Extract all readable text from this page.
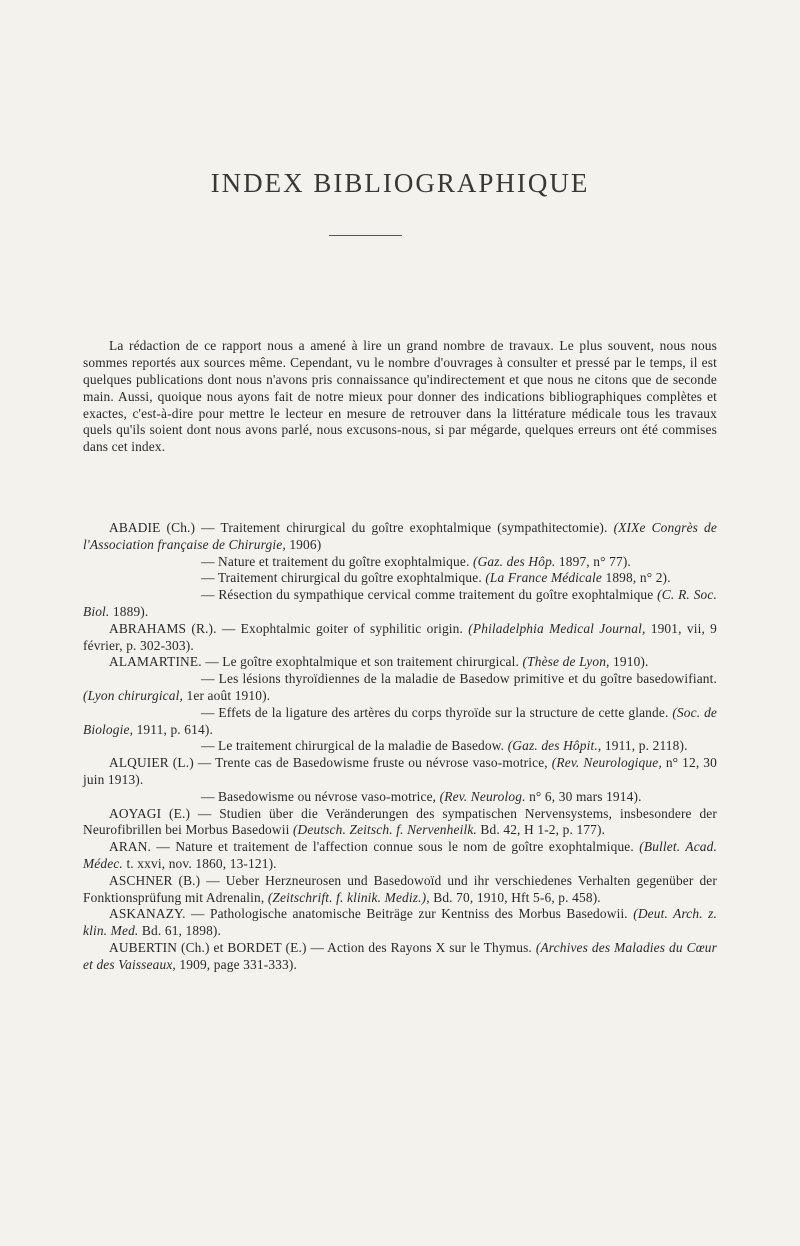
INDEX BIBLIOGRAPHIQUE

La rédaction de ce rapport nous a amené à lire un grand nombre de travaux. Le plus souvent, nous nous sommes reportés aux sources même. Cependant, vu le nombre d'ouvrages à consulter et pressé par le temps, il est quelques publications dont nous n'avons pris connaissance qu'indirectement et que nous ne citons que de seconde main. Aussi, quoique nous ayons fait de notre mieux pour donner des indications bibliographiques complètes et exactes, c'est-à-dire pour mettre le lecteur en mesure de retrouver dans la littérature médicale tous les travaux quels qu'ils soient dont nous avons parlé, nous excusons-nous, si par mégarde, quelques erreurs ont été commises dans cet index.

ABADIE (Ch.) — Traitement chirurgical du goître exophtalmique (sympathitectomie). (XIXe Congrès de l'Association française de Chirurgie, 1906)

— Nature et traitement du goître exophtalmique. (Gaz. des Hôp. 1897, n° 77).

— Traitement chirurgical du goître exophtalmique. (La France Médicale 1898, n° 2).

— Résection du sympathique cervical comme traitement du goître exophtalmique (C. R. Soc. Biol. 1889).

ABRAHAMS (R.). — Exophtalmic goiter of syphilitic origin. (Philadelphia Medical Journal, 1901, vii, 9 février, p. 302-303).

ALAMARTINE. — Le goître exophtalmique et son traitement chirurgical. (Thèse de Lyon, 1910).

— Les lésions thyroïdiennes de la maladie de Basedow primitive et du goître basedowifiant. (Lyon chirurgical, 1er août 1910).

— Effets de la ligature des artères du corps thyroïde sur la structure de cette glande. (Soc. de Biologie, 1911, p. 614).

— Le traitement chirurgical de la maladie de Basedow. (Gaz. des Hôpit., 1911, p. 2118).

ALQUIER (L.) — Trente cas de Basedowisme fruste ou névrose vaso-motrice, (Rev. Neurologique, n° 12, 30 juin 1913).

— Basedowisme ou névrose vaso-motrice, (Rev. Neurolog. n° 6, 30 mars 1914).

AOYAGI (E.) — Studien über die Veränderungen des sympatischen Nervensystems, insbesondere der Neurofibrillen bei Morbus Basedowii (Deutsch. Zeitsch. f. Nervenheilk. Bd. 42, H 1-2, p. 177).

ARAN. — Nature et traitement de l'affection connue sous le nom de goître exophtalmique. (Bullet. Acad. Médec. t. xxvi, nov. 1860, 13-121).

ASCHNER (B.) — Ueber Herzneurosen und Basedowoïd und ihr verschiedenes Verhalten gegenüber der Fonktionsprüfung mit Adrenalin, (Zeitschrift. f. klinik. Mediz.), Bd. 70, 1910, Hft 5-6, p. 458).

ASKANAZY. — Pathologische anatomische Beiträge zur Kentniss des Morbus Basedowii. (Deut. Arch. z. klin. Med. Bd. 61, 1898).

AUBERTIN (Ch.) et BORDET (E.) — Action des Rayons X sur le Thymus. (Archives des Maladies du Cœur et des Vaisseaux, 1909, page 331-333).
